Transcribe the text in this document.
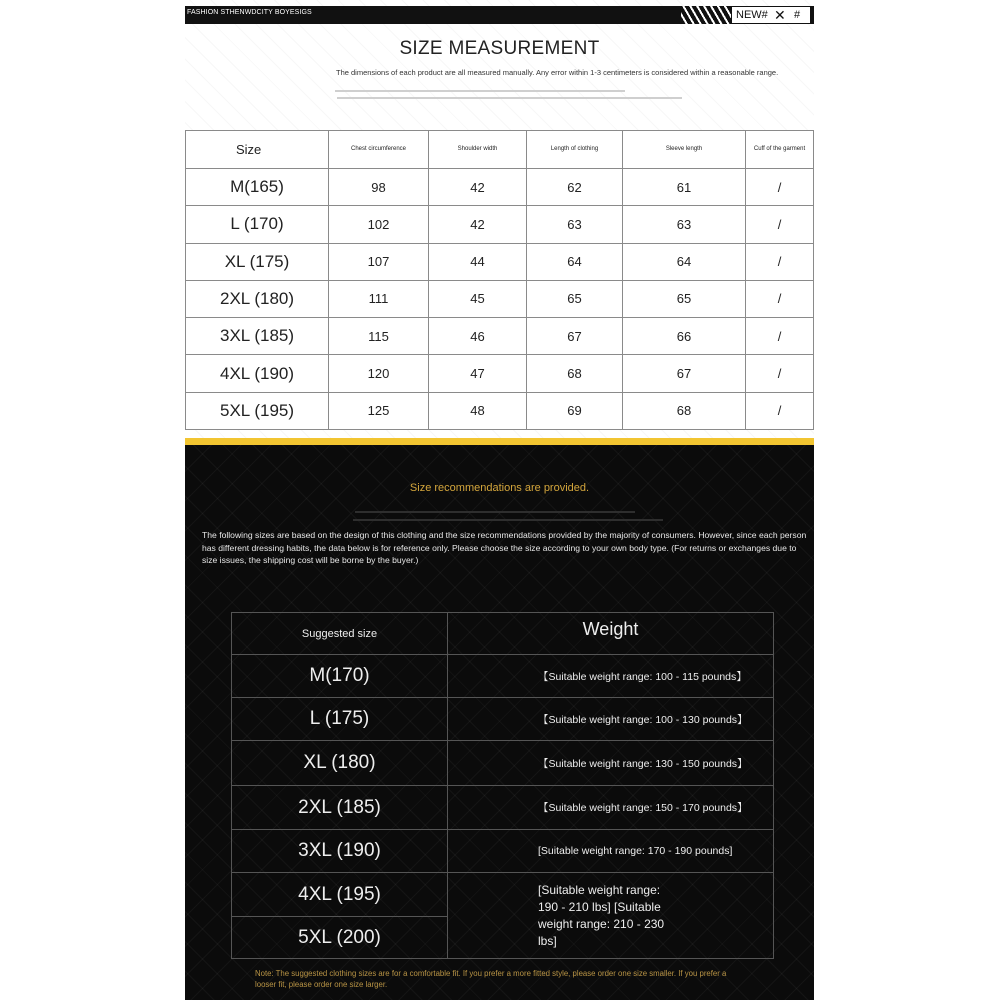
FASHION STHENWDCITY BOYESIGS	NEW# ✕ #
SIZE MEASUREMENT
The dimensions of each product are all measured manually. Any error within 1-3 centimeters is considered within a reasonable range.
Size	Chest circumference	Shoulder width	Length of clothing	Sleeve length	Cuff of the garment
M(165)	98	42	62	61	/
L (170)	102	42	63	63	/
XL (175)	107	44	64	64	/
2XL (180)	111	45	65	65	/
3XL (185)	115	46	67	66	/
4XL (190)	120	47	68	67	/
5XL (195)	125	48	69	68	/
Size recommendations are provided.
The following sizes are based on the design of this clothing and the size recommendations provided by the majority of consumers. However, since each person has different dressing habits, the data below is for reference only. Please choose the size according to your own body type. (For returns or exchanges due to size issues, the shipping cost will be borne by the buyer.)
Suggested size	Weight
M(170)	【Suitable weight range: 100 - 115 pounds】
L (175)	【Suitable weight range: 100 - 130 pounds】
XL (180)	【Suitable weight range: 130 - 150 pounds】
2XL (185)	【Suitable weight range: 150 - 170 pounds】
3XL (190)	[Suitable weight range: 170 - 190 pounds]
4XL (195)	[Suitable weight range: 190 - 210 lbs] [Suitable weight range: 210 - 230 lbs]
5XL (200)	

Note: The suggested clothing sizes are for a comfortable fit. If you prefer a more fitted style, please order one size smaller. If you prefer a looser fit, please order one size larger.
